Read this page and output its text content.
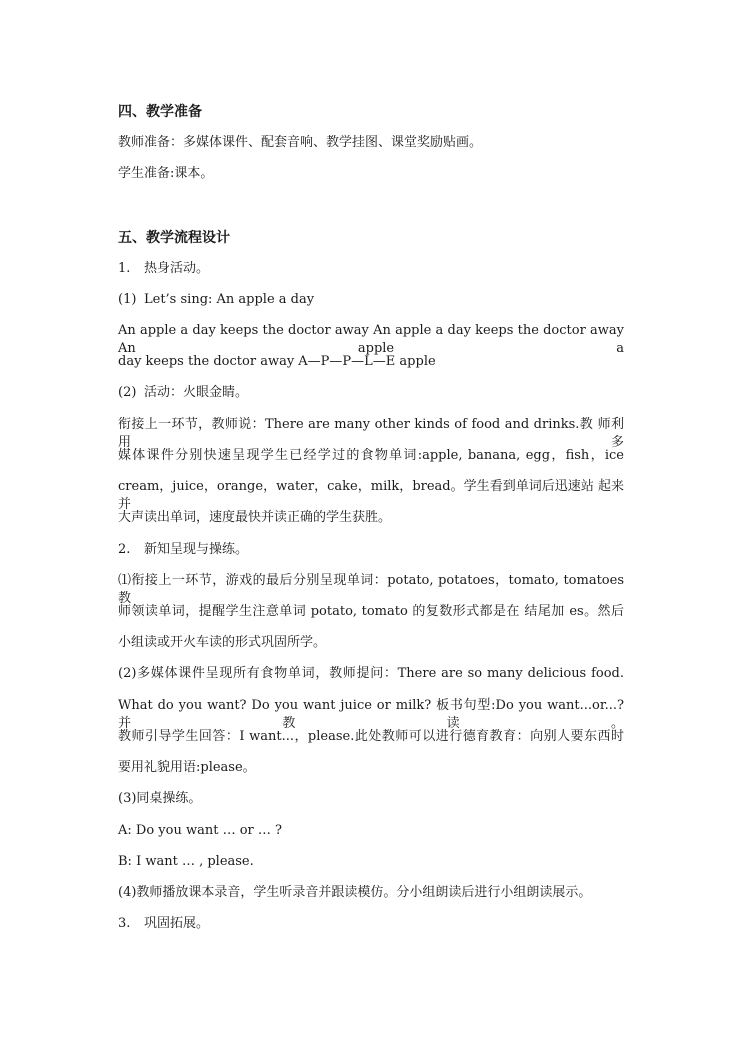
四、教学准备
教师准备：多媒体课件、配套音响、教学挂图、课堂奖励贴画。
学生准备:课本。
五、教学流程设计
1. 热身活动。
(1) Let’s sing: An apple a day
An apple a day keeps the doctor away An apple a day keeps the doctor away An apple a
day keeps the doctor away A—P—P—L—E apple
(2) 活动：火眼金睛。
衔接上一环节，教师说：There are many other kinds of food and drinks.教 师利用多
媒体课件分别快速呈现学生已经学过的食物单词:apple, banana, egg，fish，ice
cream，juice，orange，water，cake，milk，bread。学生看到单词后迅速站 起来并
大声读出单词，速度最快并读正确的学生获胜。
2. 新知呈现与操练。
⑴衔接上一环节，游戏的最后分别呈现单词：potato, potatoes，tomato, tomatoes 教
师领读单词，提醒学生注意单词 potato, tomato 的复数形式都是在 结尾加 es。然后
小组读或开火车读的形式巩固所学。
(2)多媒体课件呈现所有食物单词，教师提问：There are so many delicious food.
What do you want? Do you want juice or milk? 板书句型:Do you want...or...? 并教读。
教师引导学生回答：I want...，please.此处教师可以进行德育教育：向别人要东西时
要用礼貌用语:please。
(3)同桌操练。
A: Do you want … or … ?
B: I want … , please.
(4)教师播放课本录音，学生听录音并跟读模仿。分小组朗读后进行小组朗读展示。
3. 巩固拓展。
